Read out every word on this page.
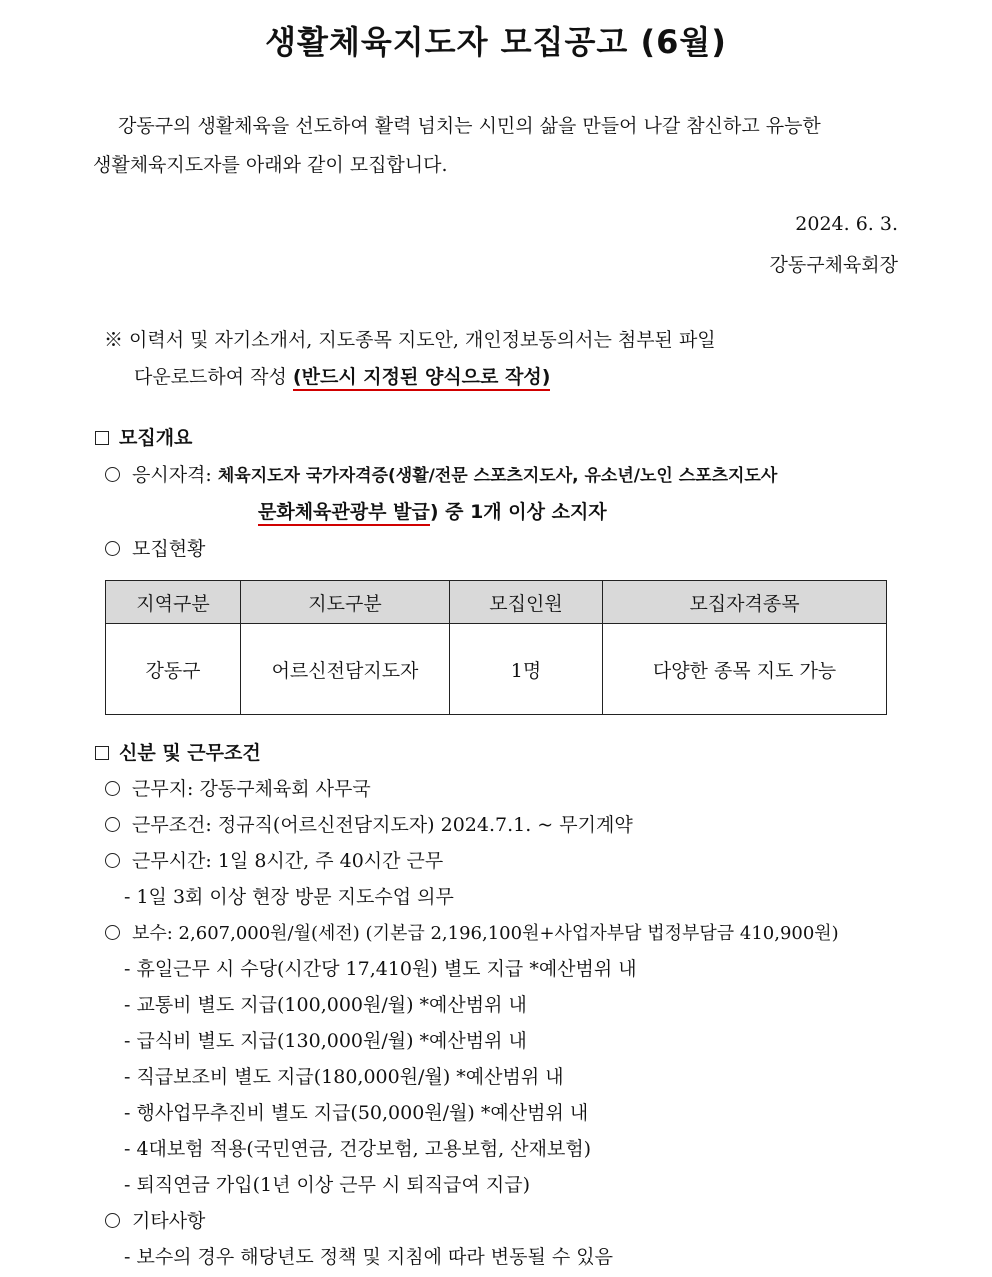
생활체육지도자 모집공고 (6월)
강동구의 생활체육을 선도하여 활력 넘치는 시민의 삶을 만들어 나갈 참신하고 유능한
생활체육지도자를 아래와 같이 모집합니다.
2024. 6. 3.
강동구체육회장
※ 이력서 및 자기소개서, 지도종목 지도안, 개인정보동의서는 첨부된 파일
다운로드하여 작성 (반드시 지정된 양식으로 작성)
모집개요
응시자격: 체육지도자 국가자격증(생활/전문 스포츠지도사, 유소년/노인 스포츠지도사
문화체육관광부 발급) 중 1개 이상 소지자
모집현황
지역구분	지도구분	모집인원	모집자격종목
강동구	어르신전담지도자	1명	다양한 종목 지도 가능
신분 및 근무조건
근무지: 강동구체육회 사무국
근무조건: 정규직(어르신전담지도자) 2024.7.1. ~ 무기계약
근무시간: 1일 8시간, 주 40시간 근무
- 1일 3회 이상 현장 방문 지도수업 의무
보수: 2,607,000원/월(세전) (기본급 2,196,100원+사업자부담 법정부담금 410,900원)
- 휴일근무 시 수당(시간당 17,410원) 별도 지급 *예산범위 내
- 교통비 별도 지급(100,000원/월) *예산범위 내
- 급식비 별도 지급(130,000원/월) *예산범위 내
- 직급보조비 별도 지급(180,000원/월) *예산범위 내
- 행사업무추진비 별도 지급(50,000원/월) *예산범위 내
- 4대보험 적용(국민연금, 건강보험, 고용보험, 산재보험)
- 퇴직연금 가입(1년 이상 근무 시 퇴직급여 지급)
기타사항
- 보수의 경우 해당년도 정책 및 지침에 따라 변동될 수 있음
